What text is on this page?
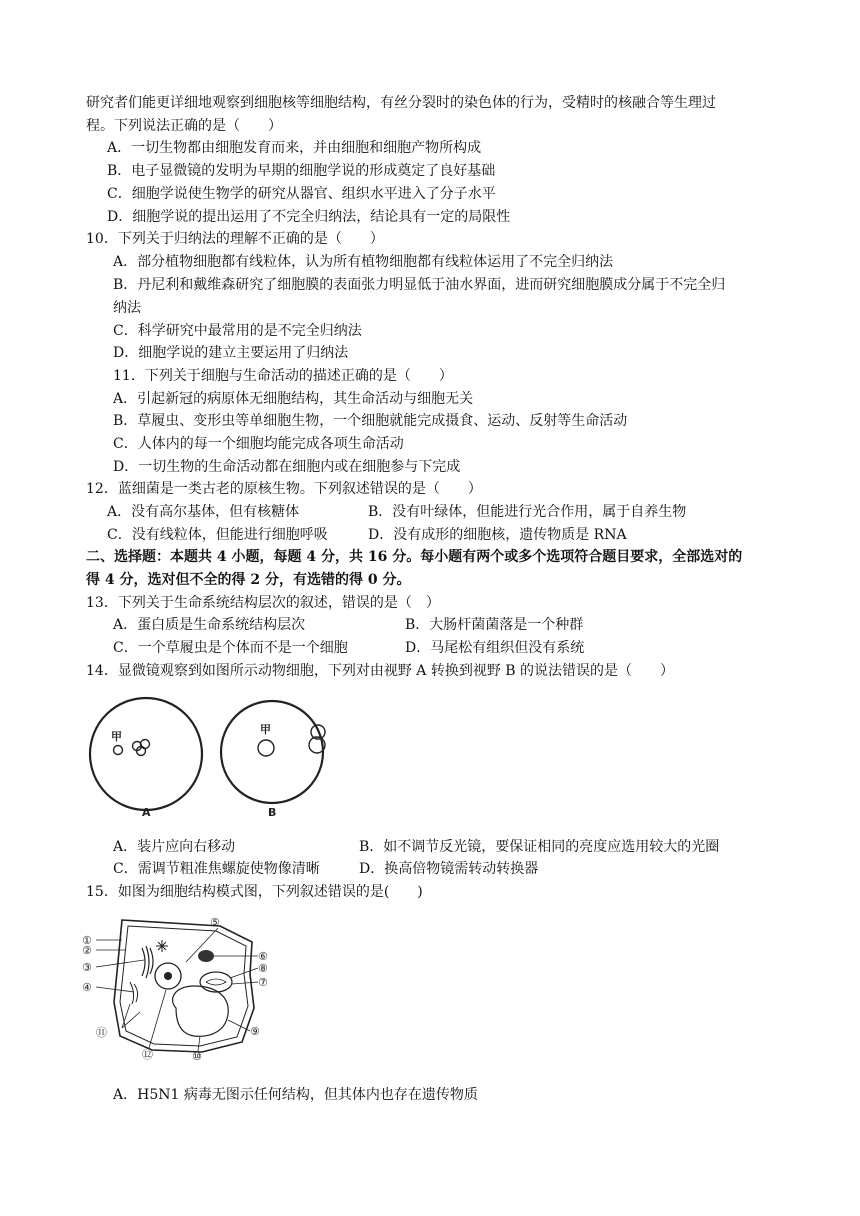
研究者们能更详细地观察到细胞核等细胞结构，有丝分裂时的染色体的行为，受精时的核融合等生理过
程。下列说法正确的是（　　）
A．一切生物都由细胞发育而来，并由细胞和细胞产物所构成
B．电子显微镜的发明为早期的细胞学说的形成奠定了良好基础
C．细胞学说使生物学的研究从器官、组织水平进入了分子水平
D．细胞学说的提出运用了不完全归纳法，结论具有一定的局限性
10．下列关于归纳法的理解不正确的是（　　）
A．部分植物细胞都有线粒体，认为所有植物细胞都有线粒体运用了不完全归纳法
B．丹尼利和戴维森研究了细胞膜的表面张力明显低于油水界面，进而研究细胞膜成分属于不完全归
纳法
C．科学研究中最常用的是不完全归纳法
D．细胞学说的建立主要运用了归纳法
11．下列关于细胞与生命活动的描述正确的是（　　）
A．引起新冠的病原体无细胞结构，其生命活动与细胞无关
B．草履虫、变形虫等单细胞生物，一个细胞就能完成摄食、运动、反射等生命活动
C．人体内的每一个细胞均能完成各项生命活动
D．一切生物的生命活动都在细胞内或在细胞参与下完成
12．蓝细菌是一类古老的原核生物。下列叙述错误的是（　　）
A．没有高尔基体，但有核糖体	B．没有叶绿体，但能进行光合作用，属于自养生物
C．没有线粒体，但能进行细胞呼吸	D．没有成形的细胞核，遗传物质是 RNA
二、选择题：本题共 4 小题，每题 4 分，共 16 分。每小题有两个或多个选项符合题目要求，全部选对的
得 4 分，选对但不全的得 2 分，有选错的得 0 分。
13．下列关于生命系统结构层次的叙述，错误的是（　）
A．蛋白质是生命系统结构层次	B．大肠杆菌菌落是一个种群
C．一个草履虫是个体而不是一个细胞	D．马尾松有组织但没有系统
14．显微镜观察到如图所示动物细胞，下列对由视野 A 转换到视野 B 的说法错误的是（　　）
甲
A
甲
B
A．装片应向右移动	B．如不调节反光镜，要保证相同的亮度应选用较大的光圈
C．需调节粗准焦螺旋使物像清晰	D．换高倍物镜需转动转换器
15．如图为细胞结构模式图，下列叙述错误的是(　　)
①
②
③
④
⑤
⑥
⑧
⑦
⑨
⑩
⑪
⑫
A．H5N1 病毒无图示任何结构，但其体内也存在遗传物质
